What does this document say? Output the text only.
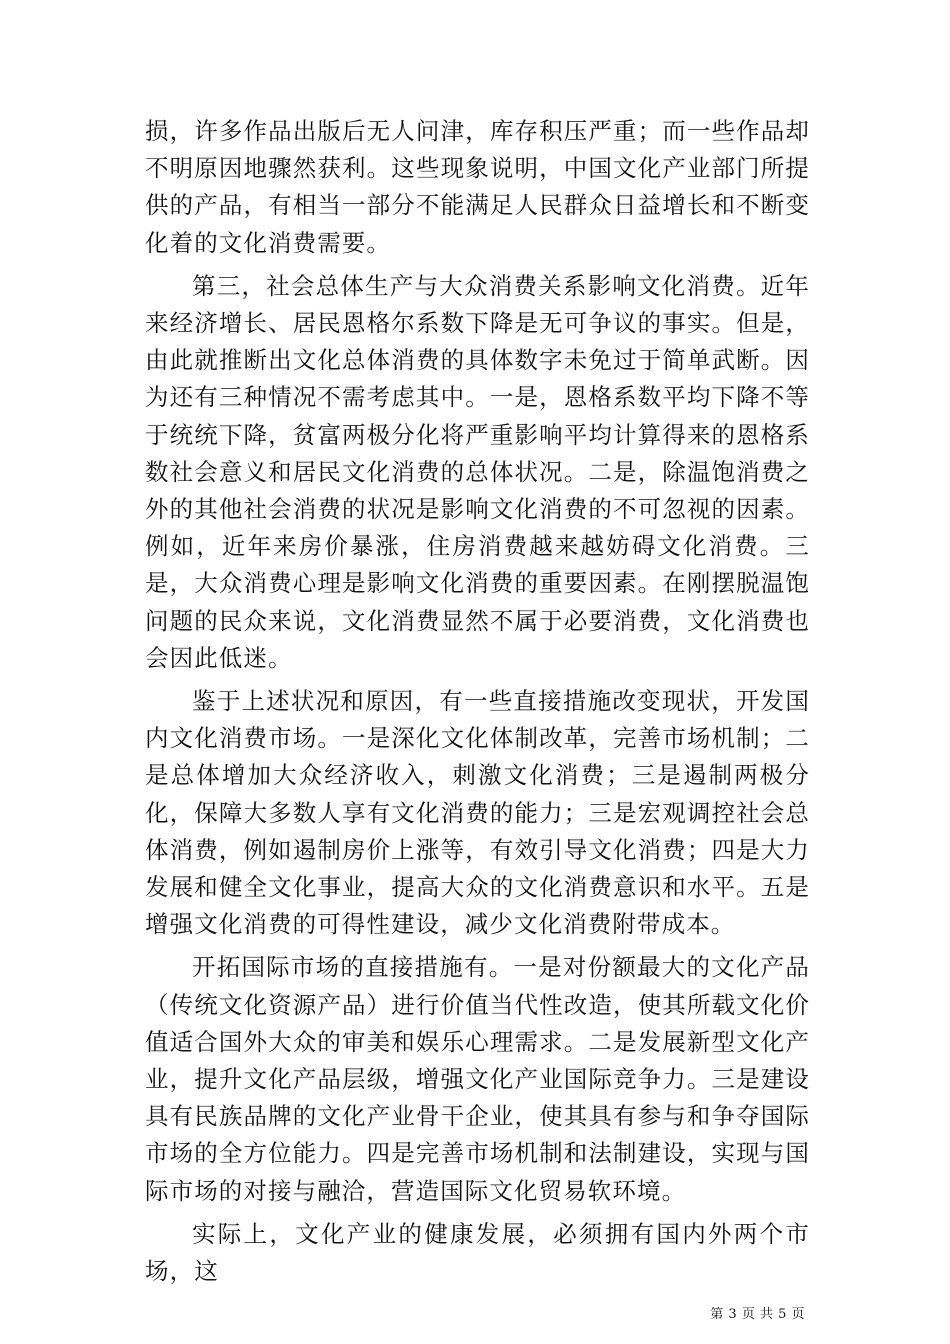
损，许多作品出版后无人问津，库存积压严重；而一些作品却不明原因地骤然获利。这些现象说明，中国文化产业部门所提供的产品，有相当一部分不能满足人民群众日益增长和不断变化着的文化消费需要。

第三，社会总体生产与大众消费关系影响文化消费。近年来经济增长、居民恩格尔系数下降是无可争议的事实。但是，由此就推断出文化总体消费的具体数字未免过于简单武断。因为还有三种情况不需考虑其中。一是，恩格系数平均下降不等于统统下降，贫富两极分化将严重影响平均计算得来的恩格系数社会意义和居民文化消费的总体状况。二是，除温饱消费之外的其他社会消费的状况是影响文化消费的不可忽视的因素。例如，近年来房价暴涨，住房消费越来越妨碍文化消费。三是，大众消费心理是影响文化消费的重要因素。在刚摆脱温饱问题的民众来说，文化消费显然不属于必要消费，文化消费也会因此低迷。

鉴于上述状况和原因，有一些直接措施改变现状，开发国内文化消费市场。一是深化文化体制改革，完善市场机制；二是总体增加大众经济收入，刺激文化消费；三是遏制两极分化，保障大多数人享有文化消费的能力；三是宏观调控社会总体消费，例如遏制房价上涨等，有效引导文化消费；四是大力发展和健全文化事业，提高大众的文化消费意识和水平。五是增强文化消费的可得性建设，减少文化消费附带成本。

开拓国际市场的直接措施有。一是对份额最大的文化产品（传统文化资源产品）进行价值当代性改造，使其所载文化价值适合国外大众的审美和娱乐心理需求。二是发展新型文化产业，提升文化产品层级，增强文化产业国际竞争力。三是建设具有民族品牌的文化产业骨干企业，使其具有参与和争夺国际市场的全方位能力。四是完善市场机制和法制建设，实现与国际市场的对接与融洽，营造国际文化贸易软环境。

实际上，文化产业的健康发展，必须拥有国内外两个市场，这

第 3 页 共 5 页
